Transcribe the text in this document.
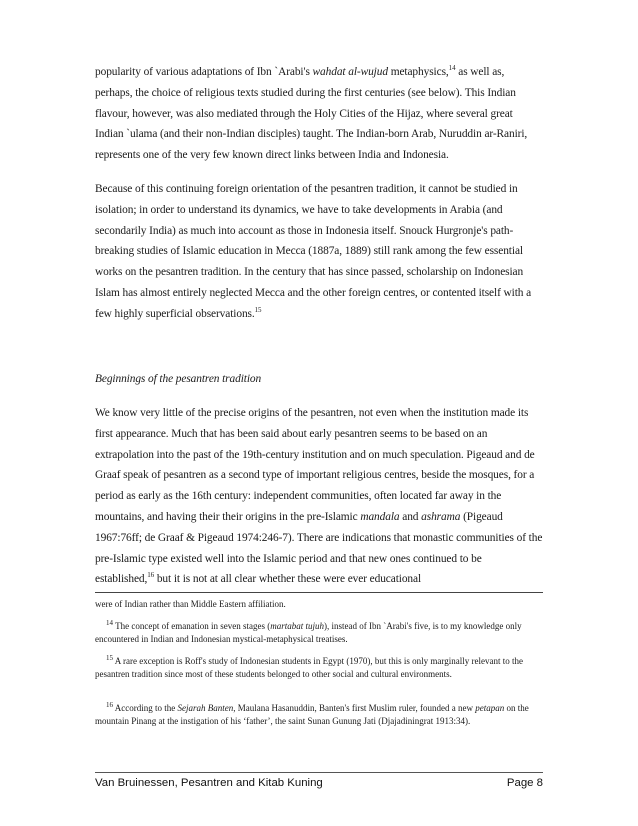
popularity of various adaptations of Ibn `Arabi's wahdat al-wujud metaphysics,$^{14}$ as well as, perhaps, the choice of religious texts studied during the first centuries (see below). This Indian flavour, however, was also mediated through the Holy Cities of the Hijaz, where several great Indian `ulama (and their non-Indian disciples) taught. The Indian-born Arab, Nuruddin ar-Raniri, represents one of the very few known direct links between India and Indonesia.

Because of this continuing foreign orientation of the pesantren tradition, it cannot be studied in isolation; in order to understand its dynamics, we have to take developments in Arabia (and secondarily India) as much into account as those in Indonesia itself. Snouck Hurgronje's path-breaking studies of Islamic education in Mecca (1887a, 1889) still rank among the few essential works on the pesantren tradition. In the century that has since passed, scholarship on Indonesian Islam has almost entirely neglected Mecca and the other foreign centres, or contented itself with a few highly superficial observations.$^{15}$

Beginnings of the pesantren tradition

We know very little of the precise origins of the pesantren, not even when the institution made its first appearance. Much that has been said about early pesantren seems to be based on an extrapolation into the past of the 19th-century institution and on much speculation. Pigeaud and de Graaf speak of pesantren as a second type of important religious centres, beside the mosques, for a period as early as the 16th century: independent communities, often located far away in the mountains, and having their their origins in the pre-Islamic mandala and ashrama (Pigeaud 1967:76ff; de Graaf & Pigeaud 1974:246-7). There are indications that monastic communities of the pre-Islamic type existed well into the Islamic period and that new ones continued to be established,$^{16}$ but it is not at all clear whether these were ever educational

were of Indian rather than Middle Eastern affiliation.
$^{14}$ The concept of emanation in seven stages (martabat tujuh), instead of Ibn `Arabi's five, is to my knowledge only encountered in Indian and Indonesian mystical-metaphysical treatises.
$^{15}$ A rare exception is Roff's study of Indonesian students in Egypt (1970), but this is only marginally relevant to the pesantren tradition since most of these students belonged to other social and cultural environments.
$^{16}$ According to the Sejarah Banten, Maulana Hasanuddin, Banten's first Muslim ruler, founded a new petapan on the mountain Pinang at the instigation of his ‘father’, the saint Sunan Gunung Jati (Djajadiningrat 1913:34).
Van Bruinessen, Pesantren and Kitab Kuning	Page 8
